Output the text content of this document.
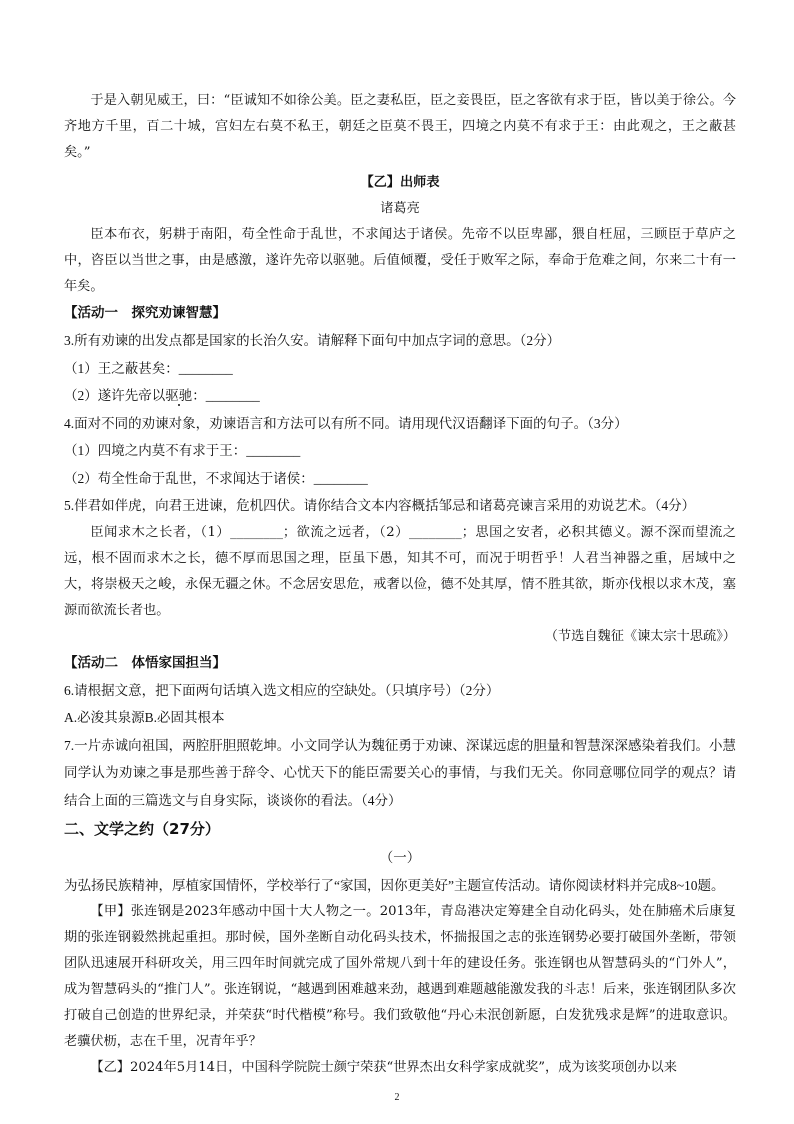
于是入朝见威王，曰：“臣诚知不如徐公美。臣之妻私臣，臣之妾畏臣，臣之客欲有求于臣，皆以美于徐公。今齐地方千里，百二十城，宫妇左右莫不私王，朝廷之臣莫不畏王，四境之内莫不有求于王：由此观之，王之蔽甚矣。”

【乙】出师表

诸葛亮

臣本布衣，躬耕于南阳，苟全性命于乱世，不求闻达于诸侯。先帝不以臣卑鄙，猥自枉屈，三顾臣于草庐之中，咨臣以当世之事，由是感激，遂许先帝以驱驰。后值倾覆，受任于败军之际，奉命于危难之间，尔来二十有一年矣。

【活动一　探究劝谏智慧】

3.所有劝谏的出发点都是国家的长治久安。请解释下面句中加点字词的意思。（2分）

（1）王之蔽甚矣：________

（2）遂许先帝以驱驰：________

4.面对不同的劝谏对象，劝谏语言和方法可以有所不同。请用现代汉语翻译下面的句子。（3分）

（1）四境之内莫不有求于王：________

（2）苟全性命于乱世，不求闻达于诸侯：________

5.伴君如伴虎，向君王进谏，危机四伏。请你结合文本内容概括邹忌和诸葛亮谏言采用的劝说艺术。（4分）

臣闻求木之长者，（1）________；欲流之远者，（2）________；思国之安者，必积其德义。源不深而望流之远，根不固而求木之长，德不厚而思国之理，臣虽下愚，知其不可，而况于明哲乎！人君当神器之重，居域中之大，将崇极天之峻，永保无疆之休。不念居安思危，戒奢以俭，德不处其厚，情不胜其欲，斯亦伐根以求木茂，塞源而欲流长者也。

（节选自魏征《谏太宗十思疏》）

【活动二　体悟家国担当】

6.请根据文意，把下面两句话填入选文相应的空缺处。（只填序号）（2分）

A.必浚其泉源B.必固其根本

7.一片赤诚向祖国，两腔肝胆照乾坤。小文同学认为魏征勇于劝谏、深谋远虑的胆量和智慧深深感染着我们。小慧同学认为劝谏之事是那些善于辞令、心忧天下的能臣需要关心的事情，与我们无关。你同意哪位同学的观点？请结合上面的三篇选文与自身实际，谈谈你的看法。（4分）

二、文学之约（27分）

（一）

为弘扬民族精神，厚植家国情怀，学校举行了“家国，因你更美好”主题宣传活动。请你阅读材料并完成8~10题。

【甲】张连钢是2023年感动中国十大人物之一。2013年，青岛港决定筹建全自动化码头，处在肺癌术后康复期的张连钢毅然挑起重担。那时候，国外垄断自动化码头技术，怀揣报国之志的张连钢势必要打破国外垄断，带领团队迅速展开科研攻关，用三四年时间就完成了国外常规八到十年的建设任务。张连钢也从智慧码头的“门外人”，成为智慧码头的“推门人”。张连钢说，“越遇到困难越来劲，越遇到难题越能激发我的斗志！后来，张连钢团队多次打破自己创造的世界纪录，并荣获“时代楷模”称号。我们致敬他“丹心未泯创新愿，白发犹残求是辉”的进取意识。老骥伏枥，志在千里，况青年乎？

【乙】2024年5月14日，中国科学院院士颜宁荣获“世界杰出女科学家成就奖”，成为该奖项创办以来

2
